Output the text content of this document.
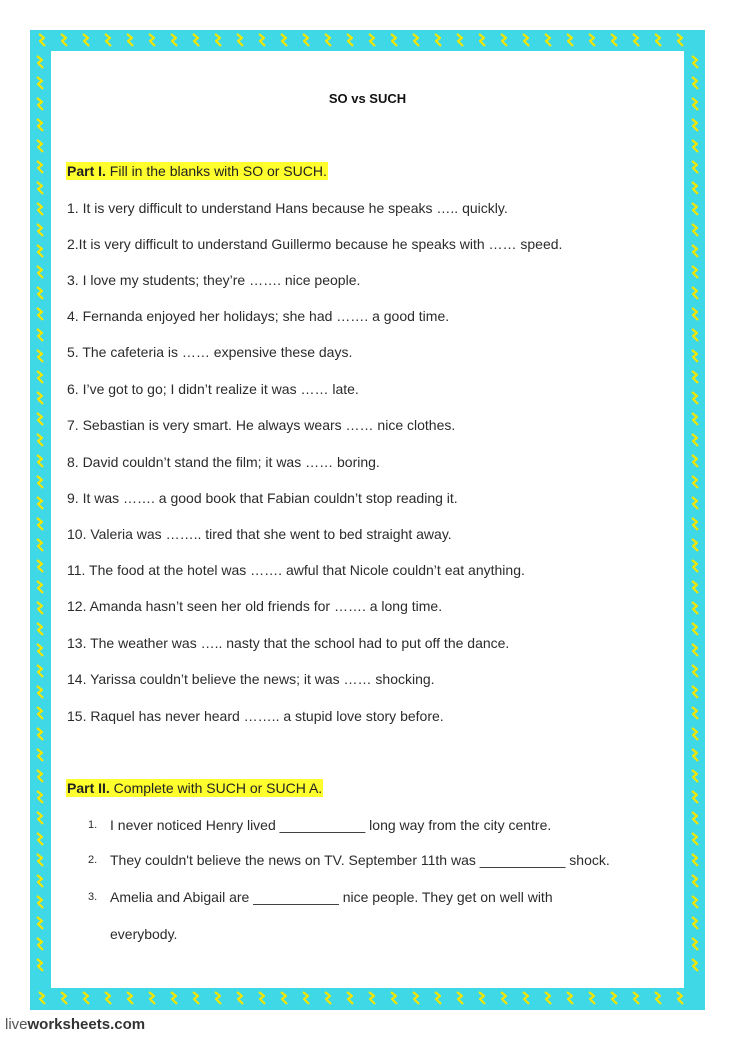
SO vs SUCH
Part I. Fill in the blanks with SO or SUCH.
1. It is very difficult to understand Hans because he speaks ….. quickly.
2.It is very difficult to understand Guillermo because he speaks with …… speed.
3. I love my students; they’re ……. nice people.
4. Fernanda enjoyed her holidays; she had ……. a good time.
5. The cafeteria is …… expensive these days.
6. I’ve got to go; I didn’t realize it was …… late.
7. Sebastian is very smart. He always wears …… nice clothes.
8. David couldn’t stand the film; it was …… boring.
9. It was ……. a good book that Fabian couldn’t stop reading it.
10. Valeria was …….. tired that she went to bed straight away.
11. The food at the hotel was ……. awful that Nicole couldn’t eat anything.
12. Amanda hasn’t seen her old friends for ……. a long time.
13. The weather was ….. nasty that the school had to put off the dance.
14. Yarissa couldn’t believe the news; it was …… shocking.
15. Raquel has never heard …….. a stupid love story before.
Part II. Complete with SUCH or SUCH A.
1. I never noticed Henry lived ___________ long way from the city centre.
2. They couldn't believe the news on TV. September 11th was ___________ shock.
3. Amelia and Abigail are ___________ nice people. They get on well with
everybody.
liveworksheets.com
